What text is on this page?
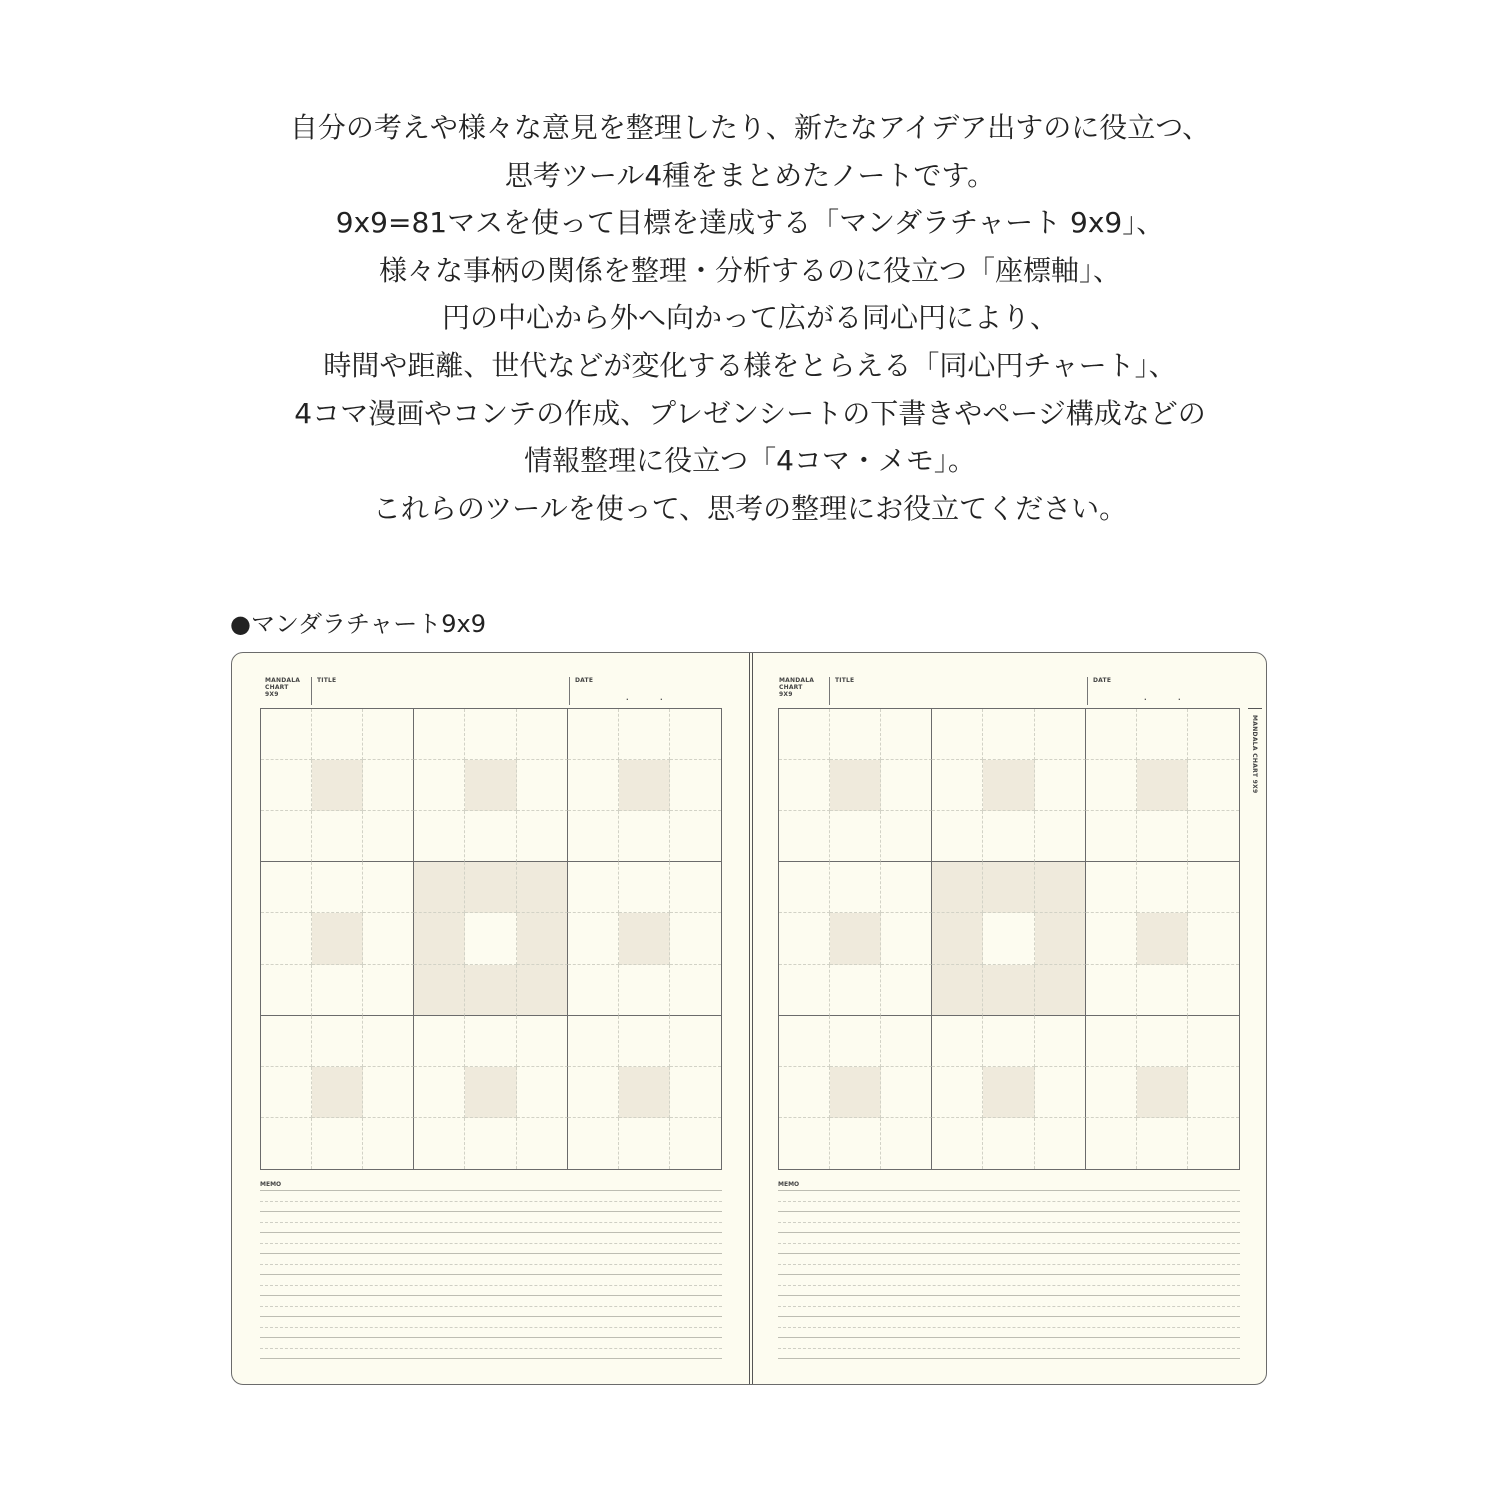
自分の考えや様々な意見を整理したり、新たなアイデア出すのに役立つ、
思考ツール4種をまとめたノートです。
9x9=81マスを使って目標を達成する「マンダラチャート 9x9」、
様々な事柄の関係を整理・分析するのに役立つ「座標軸」、
円の中心から外へ向かって広がる同心円により、
時間や距離、世代などが変化する様をとらえる「同心円チャート」、
4コマ漫画やコンテの作成、プレゼンシートの下書きやページ構成などの
情報整理に役立つ「4コマ・メモ」。
これらのツールを使って、思考の整理にお役立てください。
●マンダラチャート9x9
MANDALA
CHART
9X9
TITLE	DATE
.	.
MEMO
MANDALA
CHART
9X9
TITLE	DATE
.	.
MEMO
MANDALA CHART 9X9
